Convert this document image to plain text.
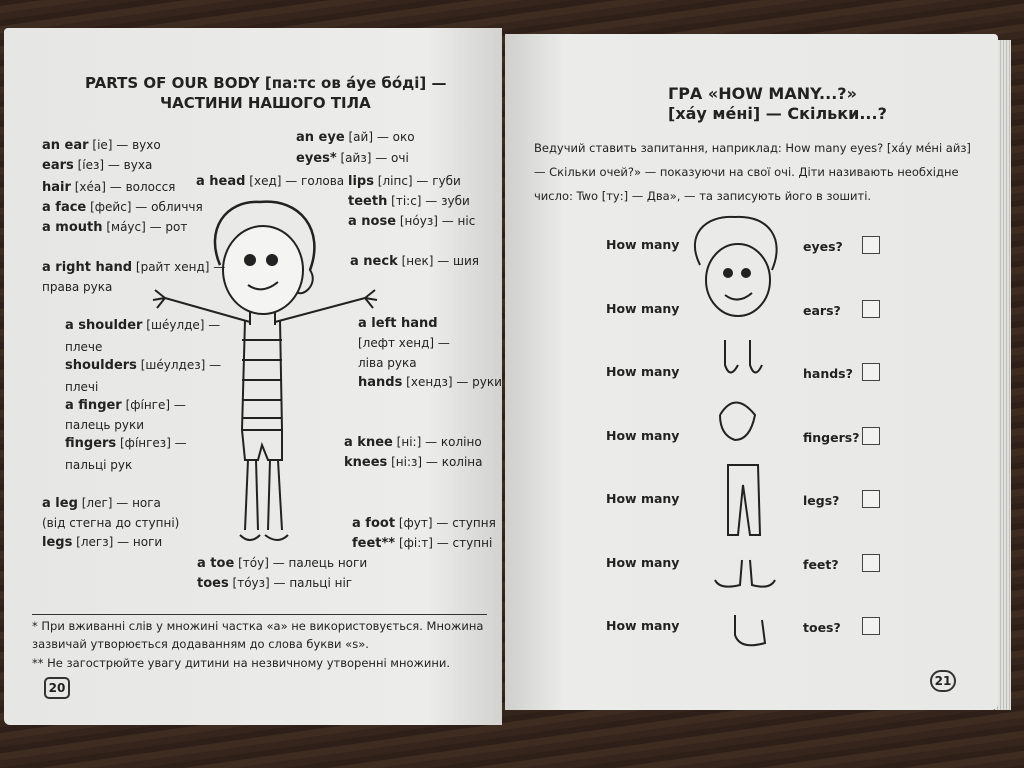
PARTS OF OUR BODY [па:тс ов áуе бóді] —
ЧАСТИНИ НАШОГО ТІЛА
an ear [іе] — вухо
ears [íез] — вуха
hair [хéа] — волосся
a face [фейс] — обличчя
a mouth [мáус] — рот
a right hand [райт хенд] —
права рука
a shoulder [шéулде] —
плече
shoulders [шéулдез] —
плечі
a finger [фíнге] —
палець руки
fingers [фíнгез] —
пальці рук
a leg [лег] — нога
(від стегна до ступні)
legs [легз] — ноги
a head [хед] — голова
an eye [ай] — око
eyes* [айз] — очі
lips [ліпс] — губи
teeth [ті:с] — зуби
a nose [нóуз] — ніс
a neck [нек] — шия
a left hand
[лефт хенд] —
ліва рука
hands [хендз] — руки
a knee [ні:] — коліно
knees [ні:з] — коліна
a foot [фут] — ступня
feet** [фі:т] — ступні
a toe [тóу] — палець ноги
toes [тóуз] — пальці ніг
* При вживанні слів у множині частка «а» не використовується. Множина зазвичай утворюється додаванням до слова букви «s».
** Не загострюйте увагу дитини на незвичному утворенні множини.
20
ГРА «HOW MANY...?»
[хáу мéні] — Скільки...?
Ведучий ставить запитання, наприклад: How many eyes? [хáу мéні айз] — Скільки очей?» — показуючи на свої очі. Діти називають необхідне число: Two [ту:] — Два», — та записують його в зошиті.
How many	eyes?
How many	ears?
How many	hands?
How many	fingers?
How many	legs?
How many	feet?
How many	toes?
21
